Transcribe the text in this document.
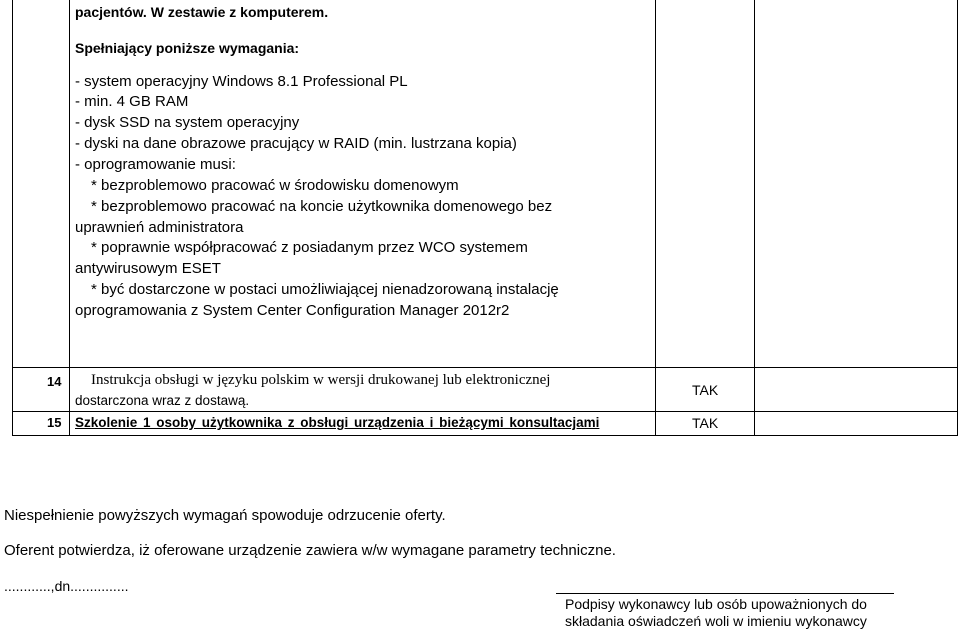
pacjentów. W zestawie z komputerem.
Spełniający poniższe wymagania:
- system operacyjny Windows 8.1 Professional PL
- min. 4 GB RAM
- dysk SSD na system operacyjny
- dyski na dane obrazowe pracujący w RAID (min. lustrzana kopia)
- oprogramowanie musi:
* bezproblemowo pracować w środowisku domenowym
* bezproblemowo pracować na koncie użytkownika domenowego bez
uprawnień administratora
* poprawnie współpracować z posiadanym przez WCO systemem
antywirusowym ESET
* być dostarczone w postaci umożliwiającej nienadzorowaną instalację
oprogramowania z System Center Configuration Manager 2012r2
14 Instrukcja obsługi w języku polskim w wersji drukowanej lub elektronicznej
dostarczona wraz z dostawą.
TAK
15 Szkolenie 1 osoby użytkownika z obsługi urządzenia i bieżącymi konsultacjami	TAK
Niespełnienie powyższych wymagań spowoduje odrzucenie oferty.
Oferent potwierdza, iż oferowane urządzenie zawiera w/w wymagane parametry techniczne.
............,dn...............
Podpisy wykonawcy lub osób upoważnionych do
składania oświadczeń woli w imieniu wykonawcy
